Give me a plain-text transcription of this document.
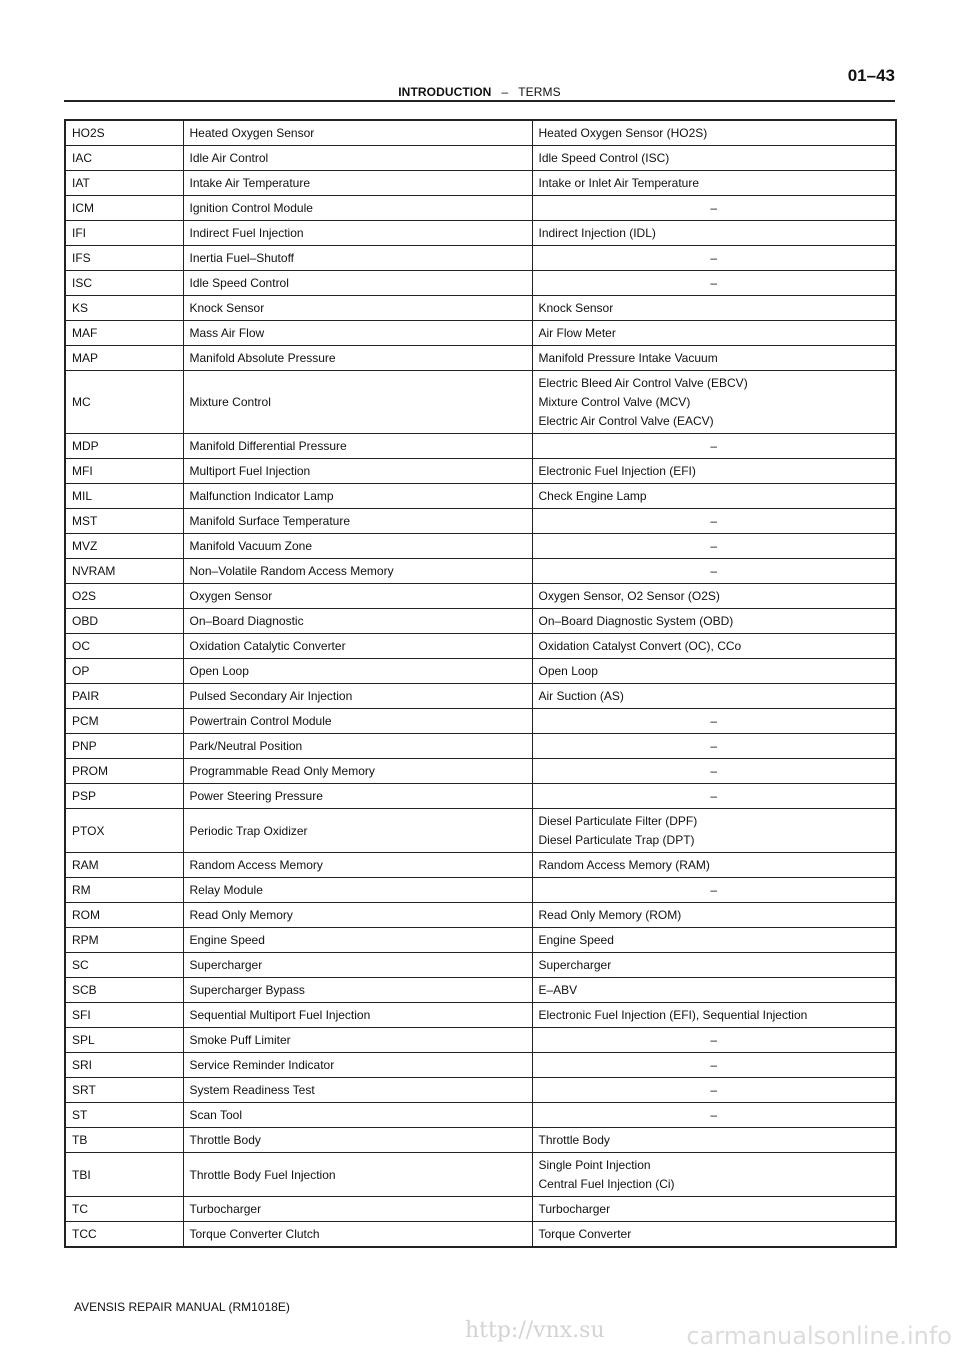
INTRODUCTION – TERMS
01–43
HO2S	Heated Oxygen Sensor	Heated Oxygen Sensor (HO2S)

IAC	Idle Air Control	Idle Speed Control (ISC)

IAT	Intake Air Temperature	Intake or Inlet Air Temperature

ICM	Ignition Control Module	–

IFI	Indirect Fuel Injection	Indirect Injection (IDL)

IFS	Inertia Fuel–Shutoff	–

ISC	Idle Speed Control	–

KS	Knock Sensor	Knock Sensor

MAF	Mass Air Flow	Air Flow Meter

MAP	Manifold Absolute Pressure	Manifold Pressure Intake Vacuum

MC	Mixture Control	Electric Bleed Air Control Valve (EBCV)
Mixture Control Valve (MCV)
Electric Air Control Valve (EACV)

MDP	Manifold Differential Pressure	–

MFI	Multiport Fuel Injection	Electronic Fuel Injection (EFI)

MIL	Malfunction Indicator Lamp	Check Engine Lamp

MST	Manifold Surface Temperature	–

MVZ	Manifold Vacuum Zone	–

NVRAM	Non–Volatile Random Access Memory	–

O2S	Oxygen Sensor	Oxygen Sensor, O2 Sensor (O2S)

OBD	On–Board Diagnostic	On–Board Diagnostic System (OBD)

OC	Oxidation Catalytic Converter	Oxidation Catalyst Convert (OC), CCo

OP	Open Loop	Open Loop

PAIR	Pulsed Secondary Air Injection	Air Suction (AS)

PCM	Powertrain Control Module	–

PNP	Park/Neutral Position	–

PROM	Programmable Read Only Memory	–

PSP	Power Steering Pressure	–

PTOX	Periodic Trap Oxidizer	Diesel Particulate Filter (DPF)
Diesel Particulate Trap (DPT)

RAM	Random Access Memory	Random Access Memory (RAM)

RM	Relay Module	–

ROM	Read Only Memory	Read Only Memory (ROM)

RPM	Engine Speed	Engine Speed

SC	Supercharger	Supercharger

SCB	Supercharger Bypass	E–ABV

SFI	Sequential Multiport Fuel Injection	Electronic Fuel Injection (EFI), Sequential Injection

SPL	Smoke Puff Limiter	–

SRI	Service Reminder Indicator	–

SRT	System Readiness Test	–

ST	Scan Tool	–

TB	Throttle Body	Throttle Body

TBI	Throttle Body Fuel Injection	Single Point Injection
Central Fuel Injection (Ci)

TC	Turbocharger	Turbocharger

TCC	Torque Converter Clutch	Torque Converter
AVENSIS REPAIR MANUAL (RM1018E)
http://vnx.su	carmanualsonline.info
